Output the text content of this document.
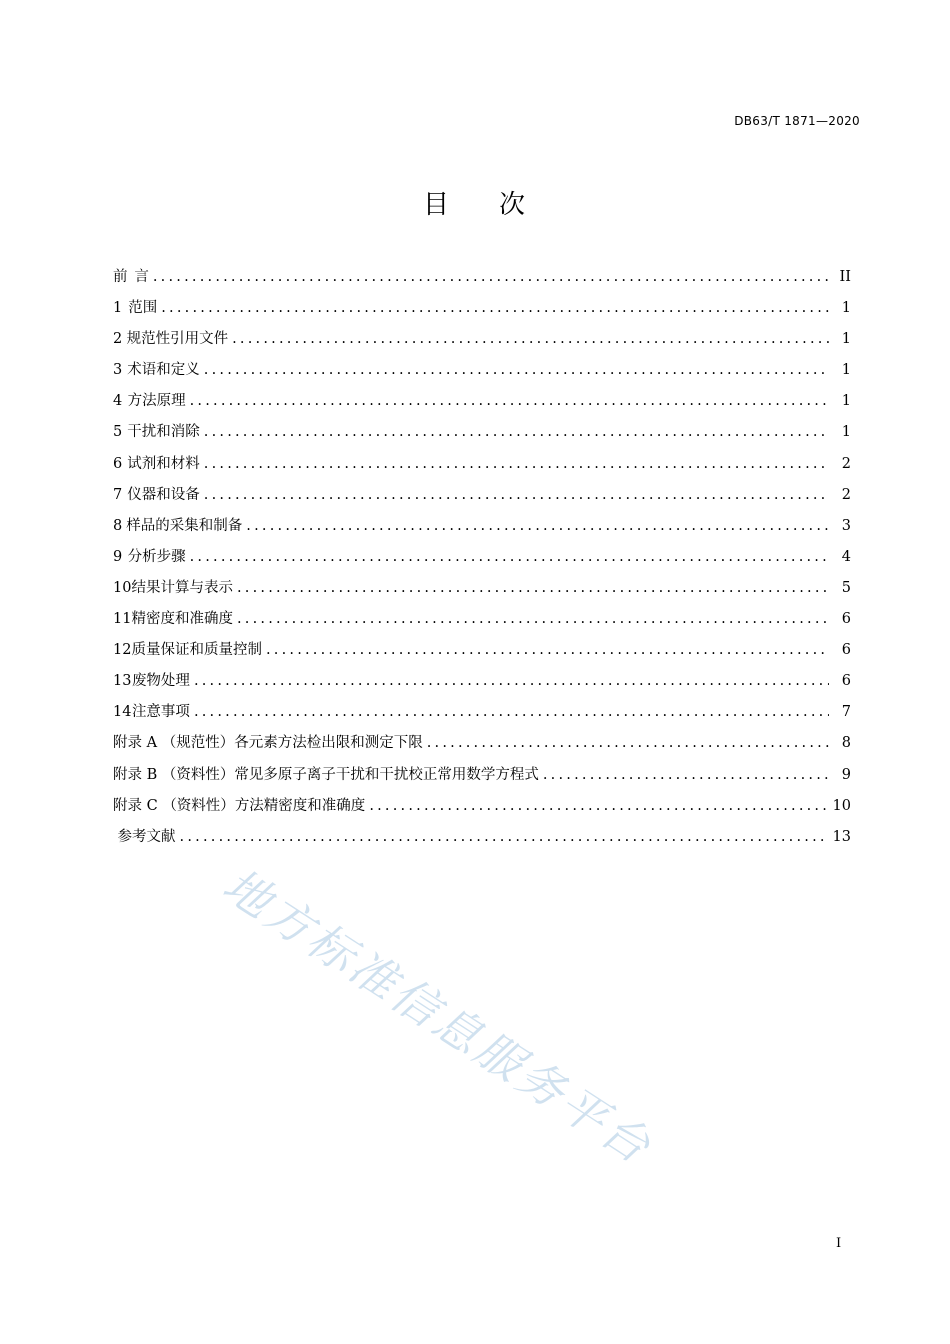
DB63/T 1871—2020
目 次
前 言 .....	II
1 范围 .....	1
2 规范性引用文件 .....	1
3 术语和定义 .....	1
4 方法原理 .....	1
5 干扰和消除 .....	1
6 试剂和材料 .....	2
7 仪器和设备 .....	2
8 样品的采集和制备 .....	3
9 分析步骤 .....	4
10 结果计算与表示 .....	5
11 精密度和准确度 .....	6
12 质量保证和质量控制 .....	6
13 废物处理 .....	6
14 注意事项 .....	7
附录 A （规范性） 各元素方法检出限和测定下限 .....	8
附录 B （资料性） 常见多原子离子干扰和干扰校正常用数学方程式 .....	9
附录 C （资料性） 方法精密度和准确度 .....	10
参考文献 .....	13
地方标准信息服务平台
I
